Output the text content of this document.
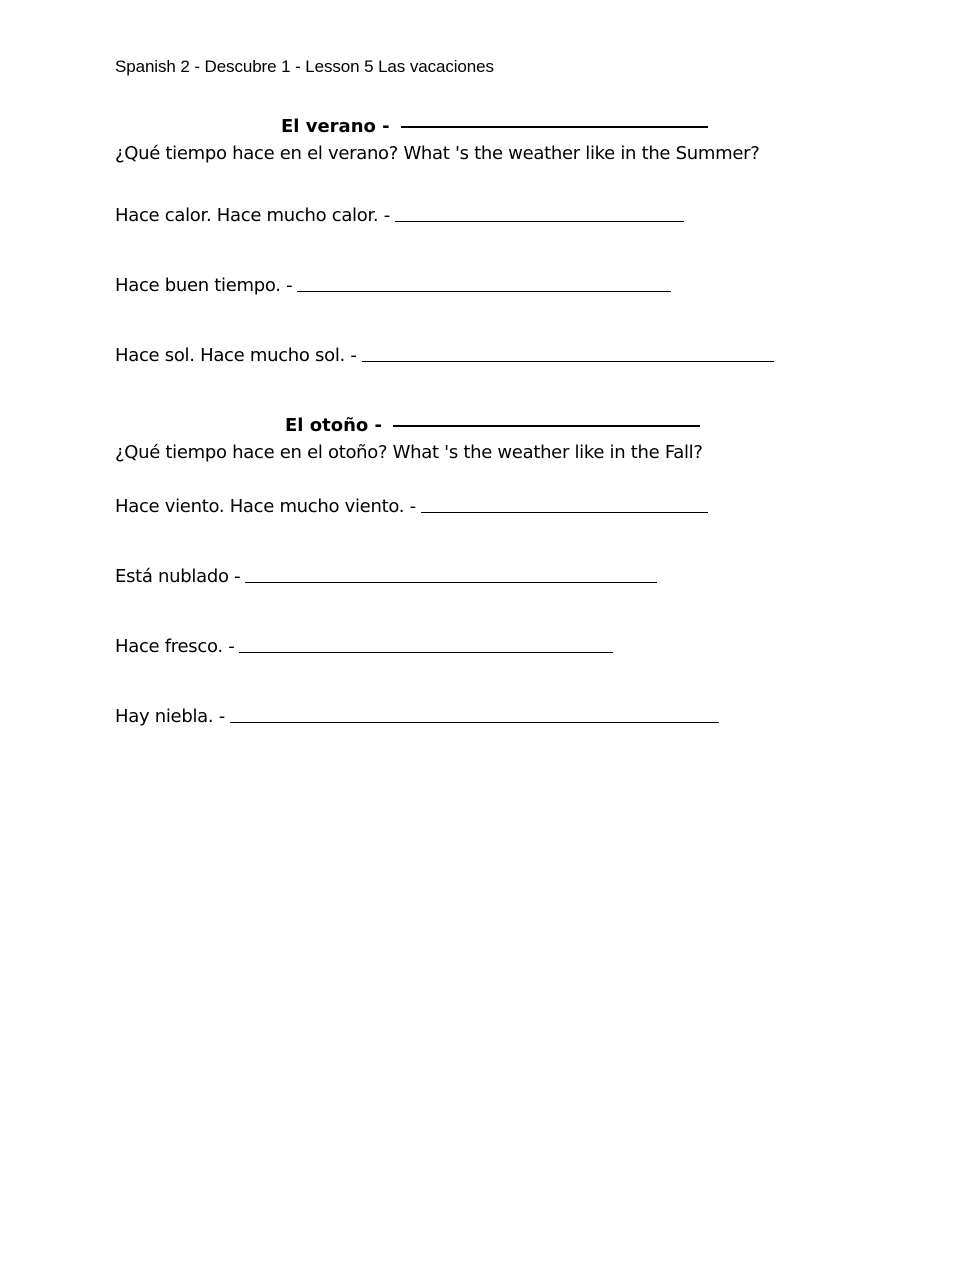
Spanish 2 - Descubre 1 - Lesson 5 Las vacaciones
El verano -
¿Qué tiempo hace en el verano? What 's the weather like in the Summer?
Hace calor. Hace mucho calor. -
Hace buen tiempo. -
Hace sol. Hace mucho sol. -
El otoño -
¿Qué tiempo hace en el otoño? What 's the weather like in the Fall?
Hace viento. Hace mucho viento. -
Está nublado -
Hace fresco. -
Hay niebla. -
